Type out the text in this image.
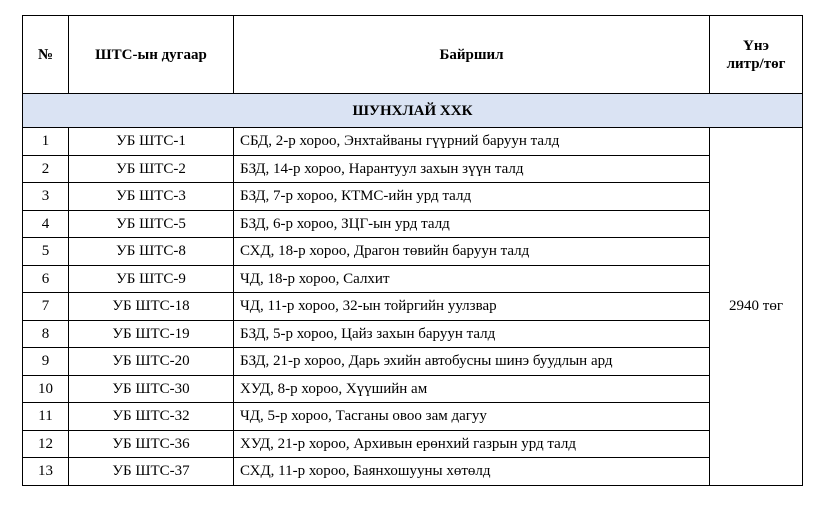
№	ШТС-ын дугаар	Байршил	Үнэ
литр/төг
ШУНХЛАЙ ХХК			
1	УБ ШТС-1	СБД, 2-р хороо, Энхтайваны гүүрний баруун талд	2940 төг
2	УБ ШТС-2	БЗД, 14-р хороо, Нарантуул захын зүүн талд	
3	УБ ШТС-3	БЗД, 7-р хороо, КТМС-ийн урд талд	
4	УБ ШТС-5	БЗД, 6-р хороо, ЗЦГ-ын урд талд	
5	УБ ШТС-8	СХД, 18-р хороо, Драгон төвийн баруун талд	
6	УБ ШТС-9	ЧД, 18-р хороо, Салхит	
7	УБ ШТС-18	ЧД, 11-р хороо, 32-ын тойргийн уулзвар	
8	УБ ШТС-19	БЗД, 5-р хороо, Цайз захын баруун талд	
9	УБ ШТС-20	БЗД, 21-р хороо, Дарь эхийн автобусны шинэ буудлын ард	
10	УБ ШТС-30	ХУД, 8-р хороо, Хүүшийн ам	
11	УБ ШТС-32	ЧД, 5-р хороо, Тасганы овоо зам дагуу	
12	УБ ШТС-36	ХУД, 21-р хороо, Архивын ерөнхий газрын урд талд	
13	УБ ШТС-37	СХД, 11-р хороо, Баянхошууны хөтөлд	
